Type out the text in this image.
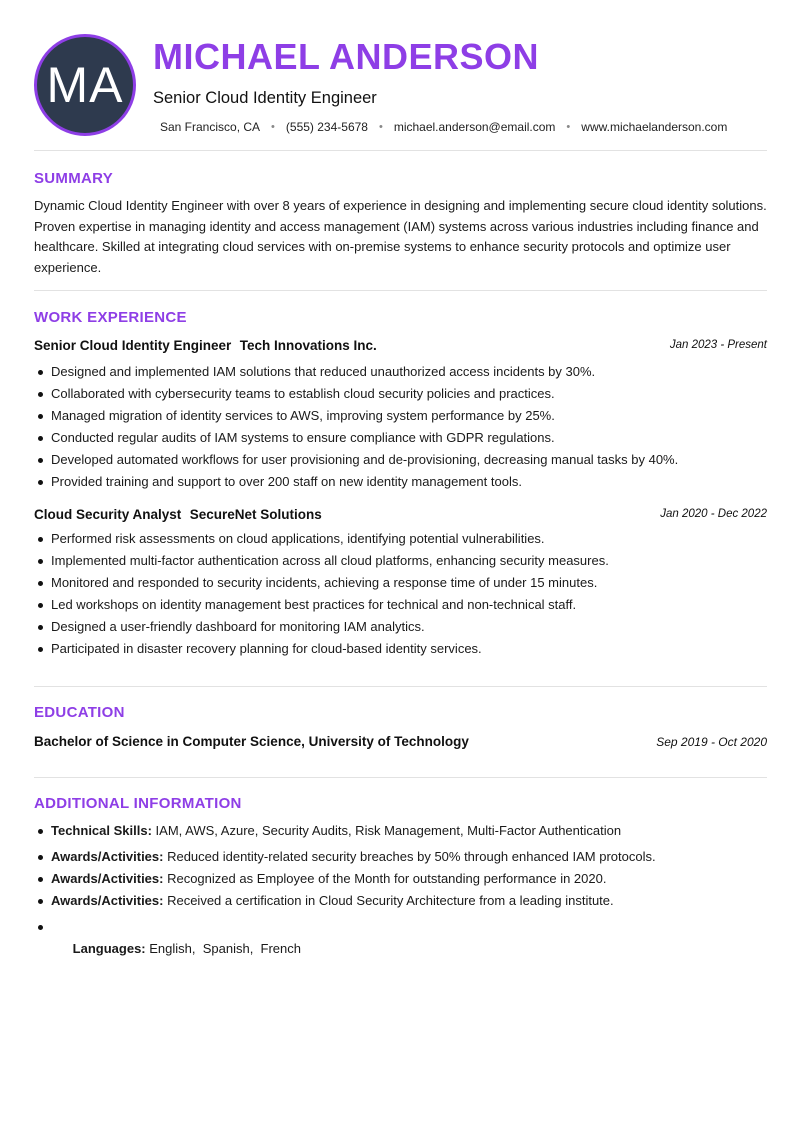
MA
MICHAEL ANDERSON
Senior Cloud Identity Engineer
San Francisco, CA • (555) 234-5678 • michael.anderson@email.com • www.michaelanderson.com
SUMMARY

Dynamic Cloud Identity Engineer with over 8 years of experience in designing and implementing secure cloud identity solutions. Proven expertise in managing identity and access management (IAM) systems across various industries including finance and healthcare. Skilled at integrating cloud services with on-premise systems to enhance security protocols and optimize user experience.

WORK EXPERIENCE
Senior Cloud Identity Engineer Tech Innovations Inc.	Jan 2023 - Present
Designed and implemented IAM solutions that reduced unauthorized access incidents by 30%.
Collaborated with cybersecurity teams to establish cloud security policies and practices.
Managed migration of identity services to AWS, improving system performance by 25%.
Conducted regular audits of IAM systems to ensure compliance with GDPR regulations.
Developed automated workflows for user provisioning and de-provisioning, decreasing manual tasks by 40%.
Provided training and support to over 200 staff on new identity management tools.
Cloud Security Analyst SecureNet Solutions	Jan 2020 - Dec 2022
Performed risk assessments on cloud applications, identifying potential vulnerabilities.
Implemented multi-factor authentication across all cloud platforms, enhancing security measures.
Monitored and responded to security incidents, achieving a response time of under 15 minutes.
Led workshops on identity management best practices for technical and non-technical staff.
Designed a user-friendly dashboard for monitoring IAM analytics.
Participated in disaster recovery planning for cloud-based identity services.
EDUCATION
Bachelor of Science in Computer Science, University of Technology	Sep 2019 - Oct 2020
ADDITIONAL INFORMATION
Technical Skills: IAM, AWS, Azure, Security Audits, Risk Management, Multi-Factor Authentication
Awards/Activities: Reduced identity-related security breaches by 50% through enhanced IAM protocols.
Awards/Activities: Recognized as Employee of the Month for outstanding performance in 2020.
Awards/Activities: Received a certification in Cloud Security Architecture from a leading institute.

Languages: English,  Spanish,  French
